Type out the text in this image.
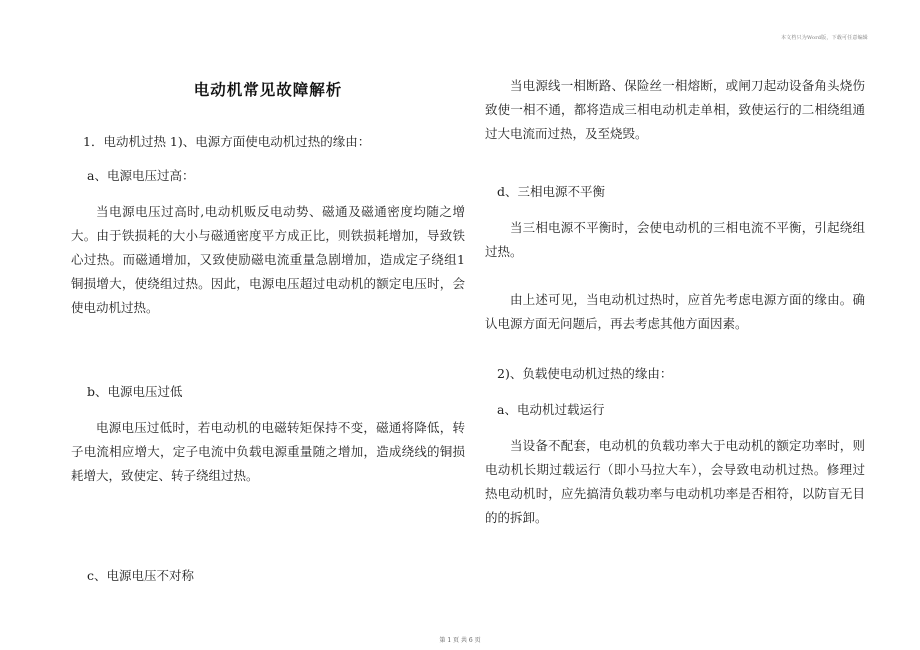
本文档只为Word版，下载可任意编辑
电动机常见故障解析

1．电动机过热 1)、电源方面使电动机过热的缘由：

a、电源电压过高：

当电源电压过高时,电动机贩反电动势、磁通及磁通密度均随之增大。由于铁损耗的大小与磁通密度平方成正比，则铁损耗增加，导致铁心过热。而磁通增加，又致使励磁电流重量急剧增加，造成定子绕组1铜损增大，使绕组过热。因此，电源电压超过电动机的额定电压时，会使电动机过热。

b、电源电压过低

电源电压过低时，若电动机的电磁转矩保持不变，磁通将降低，转子电流相应增大，定子电流中负载电源重量随之增加，造成绕线的铜损耗增大，致使定、转子绕组过热。

c、电源电压不对称

当电源线一相断路、保险丝一相熔断，或闸刀起动设备角头烧伤致使一相不通，都将造成三相电动机走单相，致使运行的二相绕组通过大电流而过热，及至烧毁。

d、三相电源不平衡

当三相电源不平衡时，会使电动机的三相电流不平衡，引起绕组过热。

由上述可见，当电动机过热时，应首先考虑电源方面的缘由。确认电源方面无问题后，再去考虑其他方面因素。

2)、负载使电动机过热的缘由：

a、电动机过载运行

当设备不配套，电动机的负载功率大于电动机的额定功率时，则电动机长期过载运行（即小马拉大车），会导致电动机过热。修理过热电动机时，应先搞清负载功率与电动机功率是否相符，以防盲无目的的拆卸。

第 1 页 共 6 页
